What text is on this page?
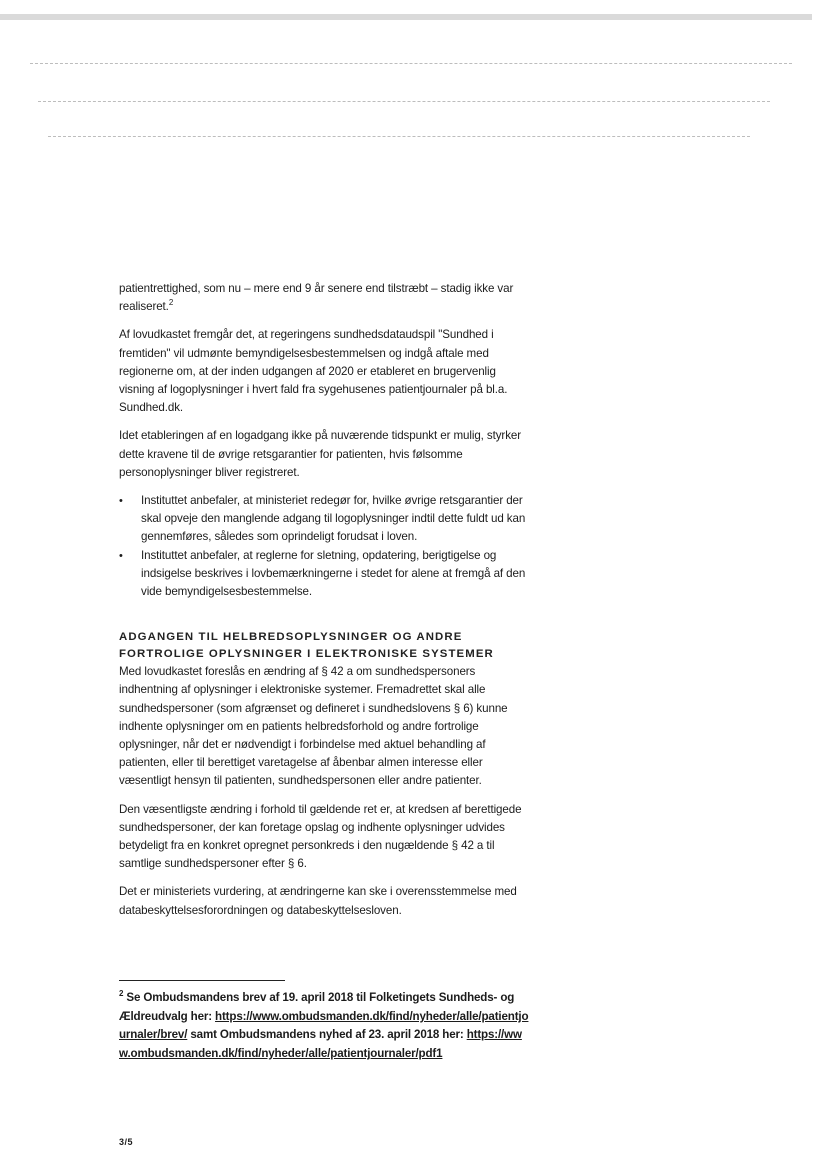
patientrettighed, som nu – mere end 9 år senere end tilstræbt – stadig ikke var realiseret.$^2$

Af lovudkastet fremgår det, at regeringens sundhedsdataudspil "Sundhed i fremtiden" vil udmønte bemyndigelsesbestemmelsen og indgå aftale med regionerne om, at der inden udgangen af 2020 er etableret en brugervenlig visning af logoplysninger i hvert fald fra sygehusenes patientjournaler på bl.a. Sundhed.dk.

Idet etableringen af en logadgang ikke på nuværende tidspunkt er mulig, styrker dette kravene til de øvrige retsgarantier for patienten, hvis følsomme personoplysninger bliver registreret.

• Instituttet anbefaler, at ministeriet redegør for, hvilke øvrige retsgarantier der skal opveje den manglende adgang til logoplysninger indtil dette fuldt ud kan gennemføres, således som oprindeligt forudsat i loven.
• Instituttet anbefaler, at reglerne for sletning, opdatering, berigtigelse og indsigelse beskrives i lovbemærkningerne i stedet for alene at fremgå af den vide bemyndigelsesbestemmelse.
ADGANGEN TIL HELBREDSOPLYSNINGER OG ANDRE FORTROLIGE OPLYSNINGER I ELEKTRONISKE SYSTEMER

Med lovudkastet foreslås en ændring af § 42 a om sundhedspersoners indhentning af oplysninger i elektroniske systemer. Fremadrettet skal alle sundhedspersoner (som afgrænset og defineret i sundhedslovens § 6) kunne indhente oplysninger om en patients helbredsforhold og andre fortrolige oplysninger, når det er nødvendigt i forbindelse med aktuel behandling af patienten, eller til berettiget varetagelse af åbenbar almen interesse eller væsentligt hensyn til patienten, sundhedspersonen eller andre patienter.

Den væsentligste ændring i forhold til gældende ret er, at kredsen af berettigede sundhedspersoner, der kan foretage opslag og indhente oplysninger udvides betydeligt fra en konkret opregnet personkreds i den nugældende § 42 a til samtlige sundhedspersoner efter § 6.

Det er ministeriets vurdering, at ændringerne kan ske i overensstemmelse med databeskyttelsesforordningen og databeskyttelsesloven.

$^2$ Se Ombudsmandens brev af 19. april 2018 til Folketingets Sundheds- og Ældreudvalg her: https://www.ombudsmanden.dk/find/nyheder/alle/patientjournaler/brev/ samt Ombudsmandens nyhed af 23. april 2018 her: https://www.ombudsmanden.dk/find/nyheder/alle/patientjournaler/pdf1
3/5
